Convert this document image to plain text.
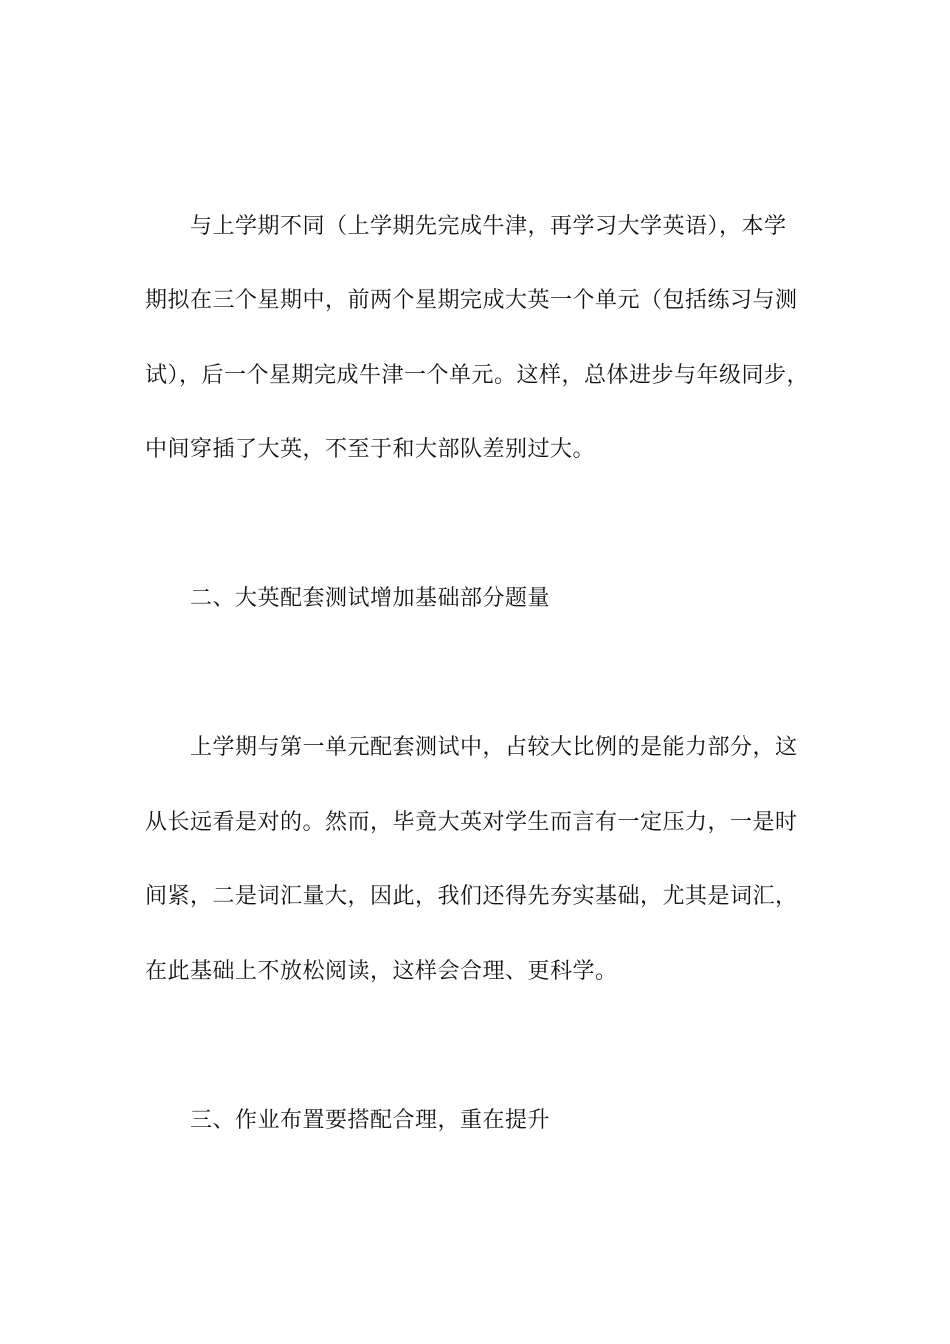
与上学期不同（上学期先完成牛津，再学习大学英语），本学
期拟在三个星期中，前两个星期完成大英一个单元（包括练习与测
试），后一个星期完成牛津一个单元。这样，总体进步与年级同步，
中间穿插了大英，不至于和大部队差别过大。
二、大英配套测试增加基础部分题量
上学期与第一单元配套测试中，占较大比例的是能力部分，这
从长远看是对的。然而，毕竟大英对学生而言有一定压力，一是时
间紧，二是词汇量大，因此，我们还得先夯实基础，尤其是词汇，
在此基础上不放松阅读，这样会合理、更科学。
三、作业布置要搭配合理，重在提升
